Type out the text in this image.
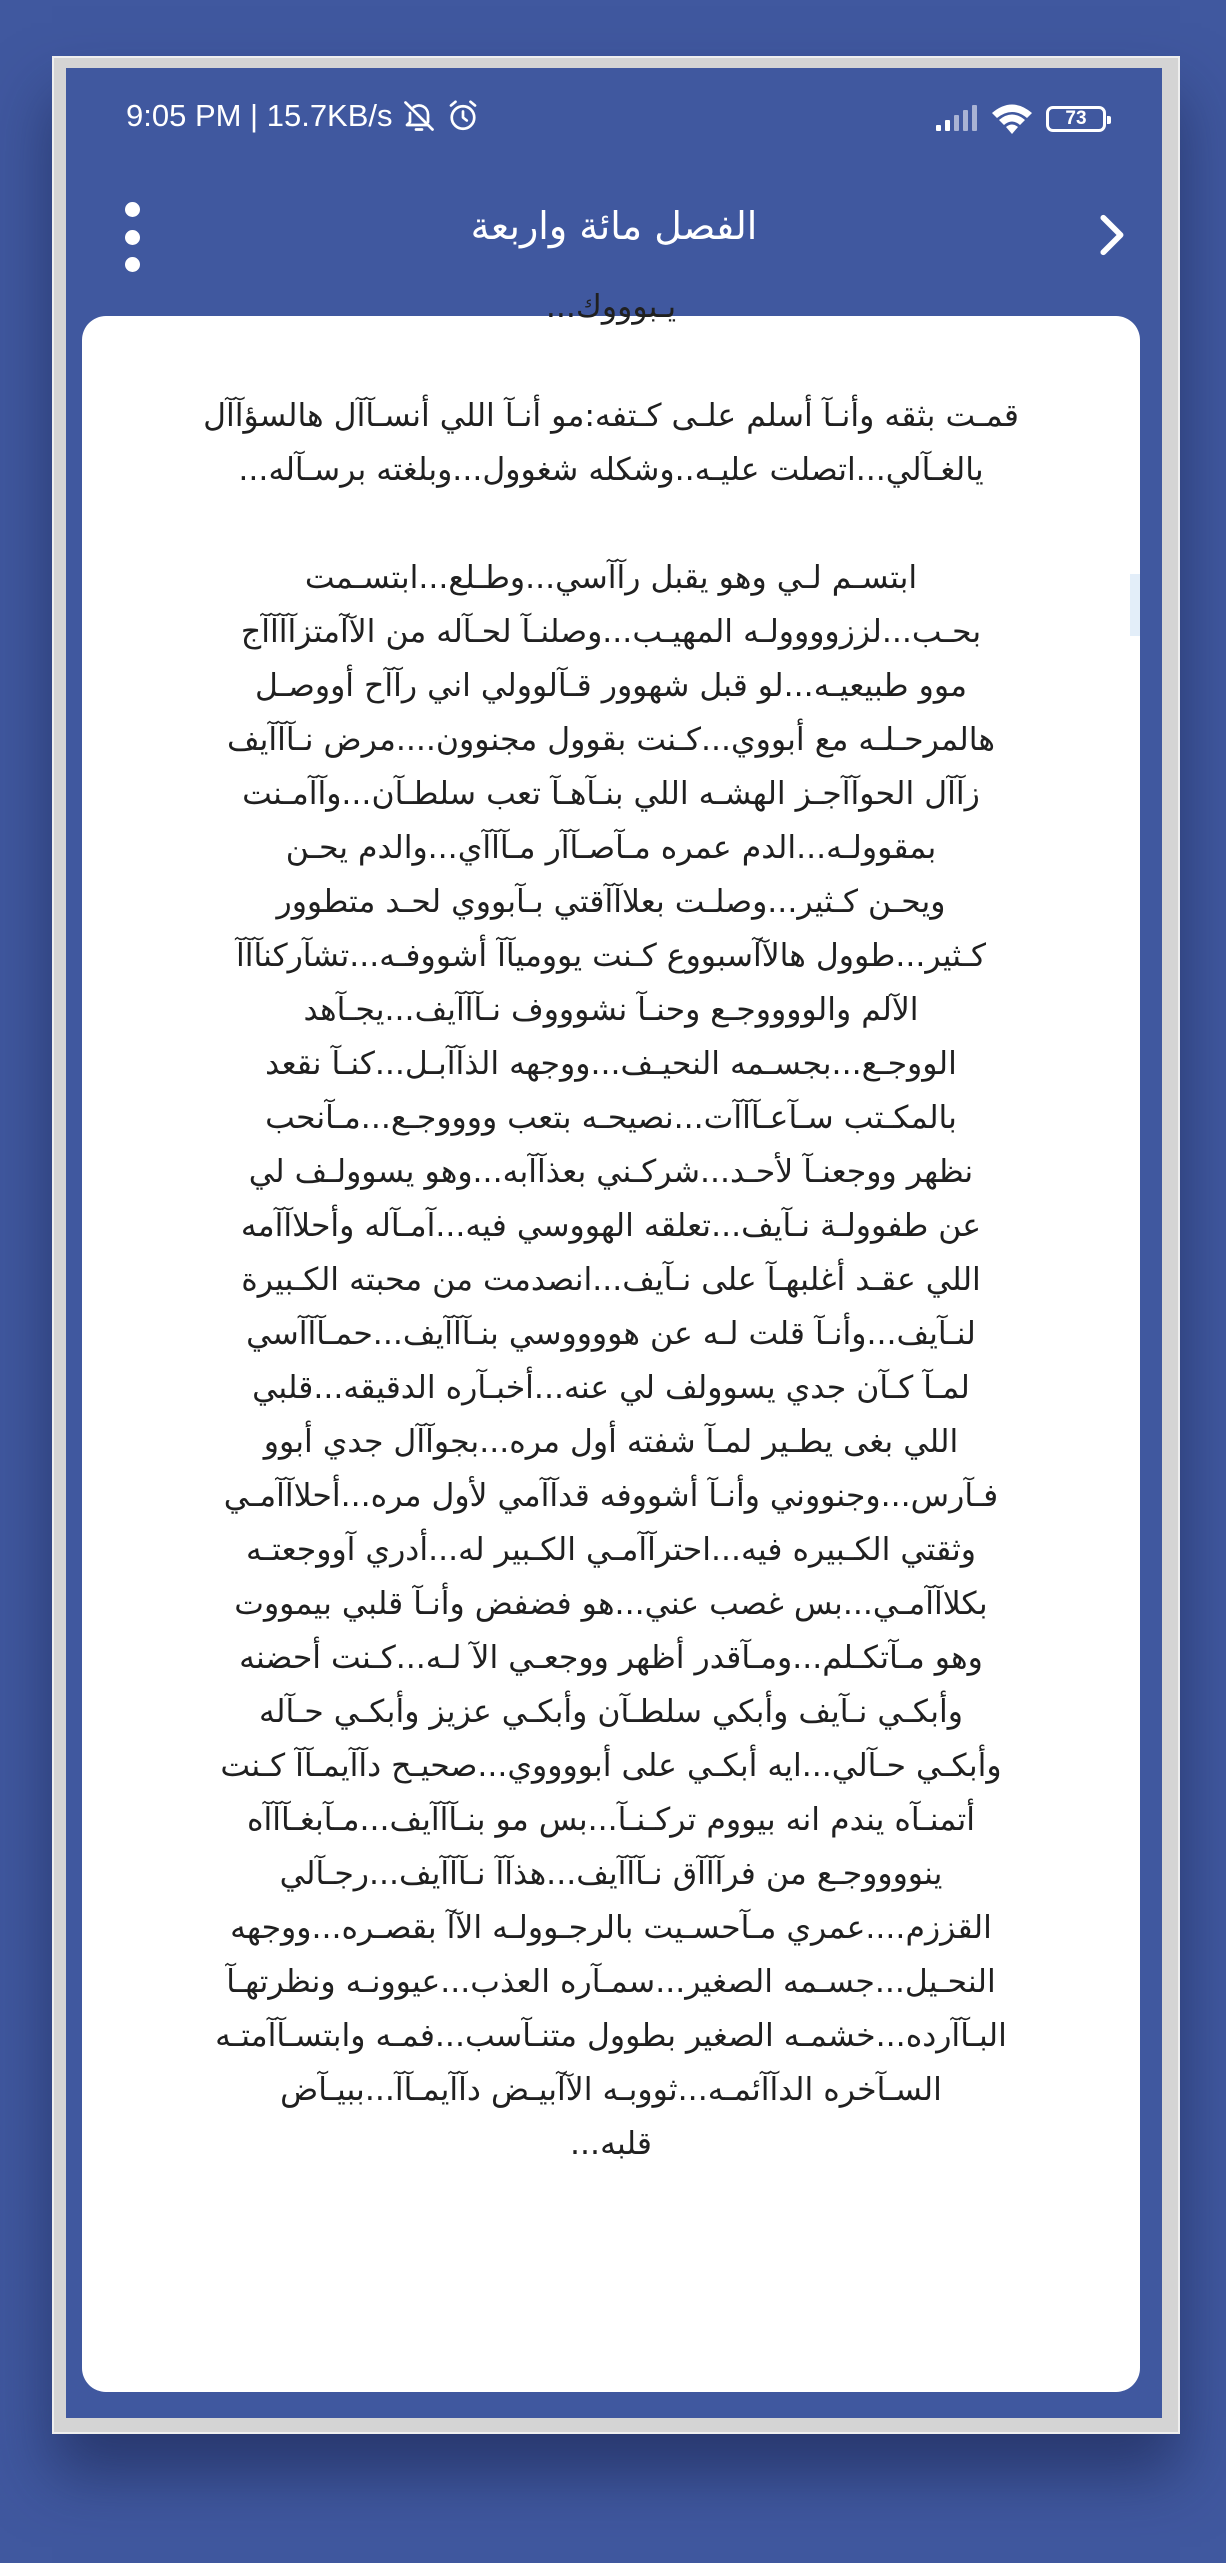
9:05 PM | 15.7KB/s	73
الفصل مائة واربعة

يـبوووك...

قمـت بثقه وأنـآ أسلم علـى كـتفه:مو أنـآ اللي أنسـآآل هالسؤآآل
يالغـآلي...اتصلت عليـه..وشكله شغوول...وبلغته برسـآله...

ابتسـم لـي وهو يقبل رآآسي...وطـلع...ابتسـمت
بحـب...لززوووولـه المهيـب...وصلنـآ لحـآله من الآآمتزآآآآج
موو طبيعيـه...لو قبل شهوور قـآلوولي اني رآآح أووصـل
هالمرحـلـه مع أبووي...كـنت بقوول مجنوون....مرض نـآآآيف
زآآل الحوآآجـز الهشـه اللي بنـآهـآ تعب سلطـآن...وآآمـنت
بمقوولـه...الدم عمره مـآصـآآر مـآآآي...والدم يحـن
ويحـن كـثير...وصلـت بعلاآآقتي بـآبووي لحـد متطوور
كـثير...طوول هالآآسبووع كـنت يووميآآ أشووفـه...تشآركنآآآ
الآلم والووووجـع وحنـآ نشوووف نـآآآيف...يجـآهد
الووجـع...بجسـمه النحيـف...ووجهه الذآآبـل...كنـآ نقعد
بالمكـتب سـآعـآآآت...نصيحـه بتعب ووووجـع...مـآنحب
نظهر ووجعنـآ لأحـد...شركـني بعذآآبه...وهو يسوولـف لي
عن طفوولـة نـآيف...تعلقه الهووسي فيه...آمـآله وأحلاآآمه
اللي عقـد أغلبهـآ على نـآيف...انصدمت من محبته الكـبيرة
لنـآيف...وأنـآ قلت لـه عن هووووسي بنـآآآيف...حمـآآآسي
لمـآ كـآن جدي يسوولف لي عنه...أخبـآره الدقيقه...قلبي
اللي بغى يطـير لمـآ شفته أول مره...بجوآآل جدي أبوو
فـآرس...وجنووني وأنـآ أشووفه قدآآمي لأول مره...أحلاآآمـي
وثقتي الكـبيره فيه...احترآآمـي الكـبير له...أدري آووجعتـه
بكلاآآمـي...بس غصب عني...هو فضفض وأنـآ قلبي بيمووت
وهو مـآتكـلم...ومـآقدر أظهر ووجعـي الآ لـه...كـنت أحضنه
وأبكـي نـآيف وأبكي سلطـآن وأبكـي عزيز وأبكـي حـآله
وأبكـي حـآلي...ايه أبكـي على أبووووي...صحيـح دآآيمـآآ كـنت
أتمنـآه يندم انه بيووم تركـنـآ...بس مو بنـآآآيف...مـآبغـآآآه
ينووووجـع من فرآآآق نـآآآيف...هذآآ نـآآآيف...رجـآلي
القززم....عمري مـآحسـيت بالرجـوولـه الآآ بقصـره...ووجهه
النحـيل...جسـمه الصغير...سمـآره العذب...عيوونـه ونظرتهـآ
البـآآرده...خشمـه الصغير بطوول متنـآسب...فمـه وابتسـآآمتـه
السـآخره الدآآئمـه...ثووبـه الآآبيـض دآآيمـآآ...ببيـآض

قلبه...
